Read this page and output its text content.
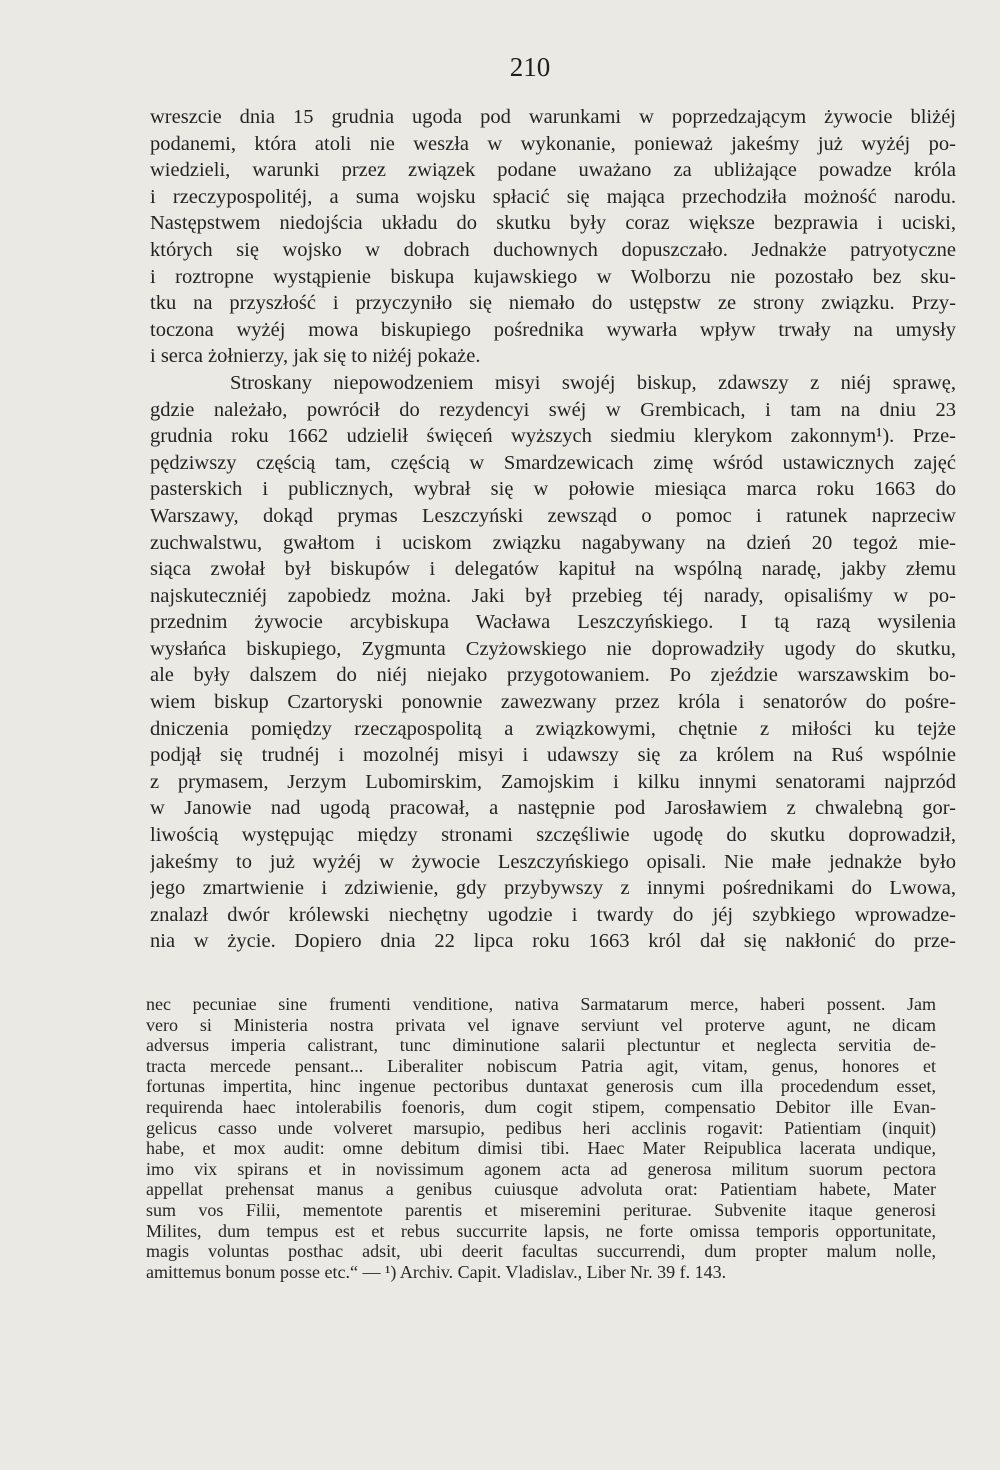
210
wreszcie dnia 15 grudnia ugoda pod warunkami w poprzedzającym żywocie bliżéj
podanemi, która atoli nie weszła w wykonanie, ponieważ jakeśmy już wyżéj po-
wiedzieli, warunki przez związek podane uważano za ubliżające powadze króla
i rzeczypospolitéj, a suma wojsku spłacić się mająca przechodziła możność narodu.
Następstwem niedojścia układu do skutku były coraz większe bezprawia i uciski,
których się wojsko w dobrach duchownych dopuszczało. Jednakże patryotyczne
i roztropne wystąpienie biskupa kujawskiego w Wolborzu nie pozostało bez sku-
tku na przyszłość i przyczyniło się niemało do ustępstw ze strony związku. Przy-
toczona wyżéj mowa biskupiego pośrednika wywarła wpływ trwały na umysły
i serca żołnierzy, jak się to niżéj pokaże.
Stroskany niepowodzeniem misyi swojéj biskup, zdawszy z niéj sprawę,
gdzie należało, powrócił do rezydencyi swéj w Grembicach, i tam na dniu 23
grudnia roku 1662 udzielił święceń wyższych siedmiu klerykom zakonnym¹). Prze-
pędziwszy częścią tam, częścią w Smardzewicach zimę wśród ustawicznych zajęć
pasterskich i publicznych, wybrał się w połowie miesiąca marca roku 1663 do
Warszawy, dokąd prymas Leszczyński zewsząd o pomoc i ratunek naprzeciw
zuchwalstwu, gwałtom i uciskom związku nagabywany na dzień 20 tegoż mie-
siąca zwołał był biskupów i delegatów kapituł na wspólną naradę, jakby złemu
najskuteczniéj zapobiedz można. Jaki był przebieg téj narady, opisaliśmy w po-
przednim żywocie arcybiskupa Wacława Leszczyńskiego. I tą razą wysilenia
wysłańca biskupiego, Zygmunta Czyżowskiego nie doprowadziły ugody do skutku,
ale były dalszem do niéj niejako przygotowaniem. Po zjeździe warszawskim bo-
wiem biskup Czartoryski ponownie zawezwany przez króla i senatorów do pośre-
dniczenia pomiędzy rzecząpospolitą a związkowymi, chętnie z miłości ku tejże
podjął się trudnéj i mozolnéj misyi i udawszy się za królem na Ruś wspólnie
z prymasem, Jerzym Lubomirskim, Zamojskim i kilku innymi senatorami najprzód
w Janowie nad ugodą pracował, a następnie pod Jarosławiem z chwalebną gor-
liwością występując między stronami szczęśliwie ugodę do skutku doprowadził,
jakeśmy to już wyżéj w żywocie Leszczyńskiego opisali. Nie małe jednakże było
jego zmartwienie i zdziwienie, gdy przybywszy z innymi pośrednikami do Lwowa,
znalazł dwór królewski niechętny ugodzie i twardy do jéj szybkiego wprowadze-
nia w życie. Dopiero dnia 22 lipca roku 1663 król dał się nakłonić do prze-
nec pecuniae sine frumenti venditione, nativa Sarmatarum merce, haberi possent. Jam
vero si Ministeria nostra privata vel ignave serviunt vel proterve agunt, ne dicam
adversus imperia calistrant, tunc diminutione salarii plectuntur et neglecta servitia de-
tracta mercede pensant... Liberaliter nobiscum Patria agit, vitam, genus, honores et
fortunas impertita, hinc ingenue pectoribus duntaxat generosis cum illa procedendum esset,
requirenda haec intolerabilis foenoris, dum cogit stipem, compensatio Debitor ille Evan-
gelicus casso unde volveret marsupio, pedibus heri acclinis rogavit: Patientiam (inquit)
habe, et mox audit: omne debitum dimisi tibi. Haec Mater Reipublica lacerata undique,
imo vix spirans et in novissimum agonem acta ad generosa militum suorum pectora
appellat prehensat manus a genibus cuiusque advoluta orat: Patientiam habete, Mater
sum vos Filii, mementote parentis et miseremini periturae. Subvenite itaque generosi
Milites, dum tempus est et rebus succurrite lapsis, ne forte omissa temporis opportunitate,
magis voluntas posthac adsit, ubi deerit facultas succurrendi, dum propter malum nolle,
amittemus bonum posse etc.“ — ¹) Archiv. Capit. Vladislav., Liber Nr. 39 f. 143.
